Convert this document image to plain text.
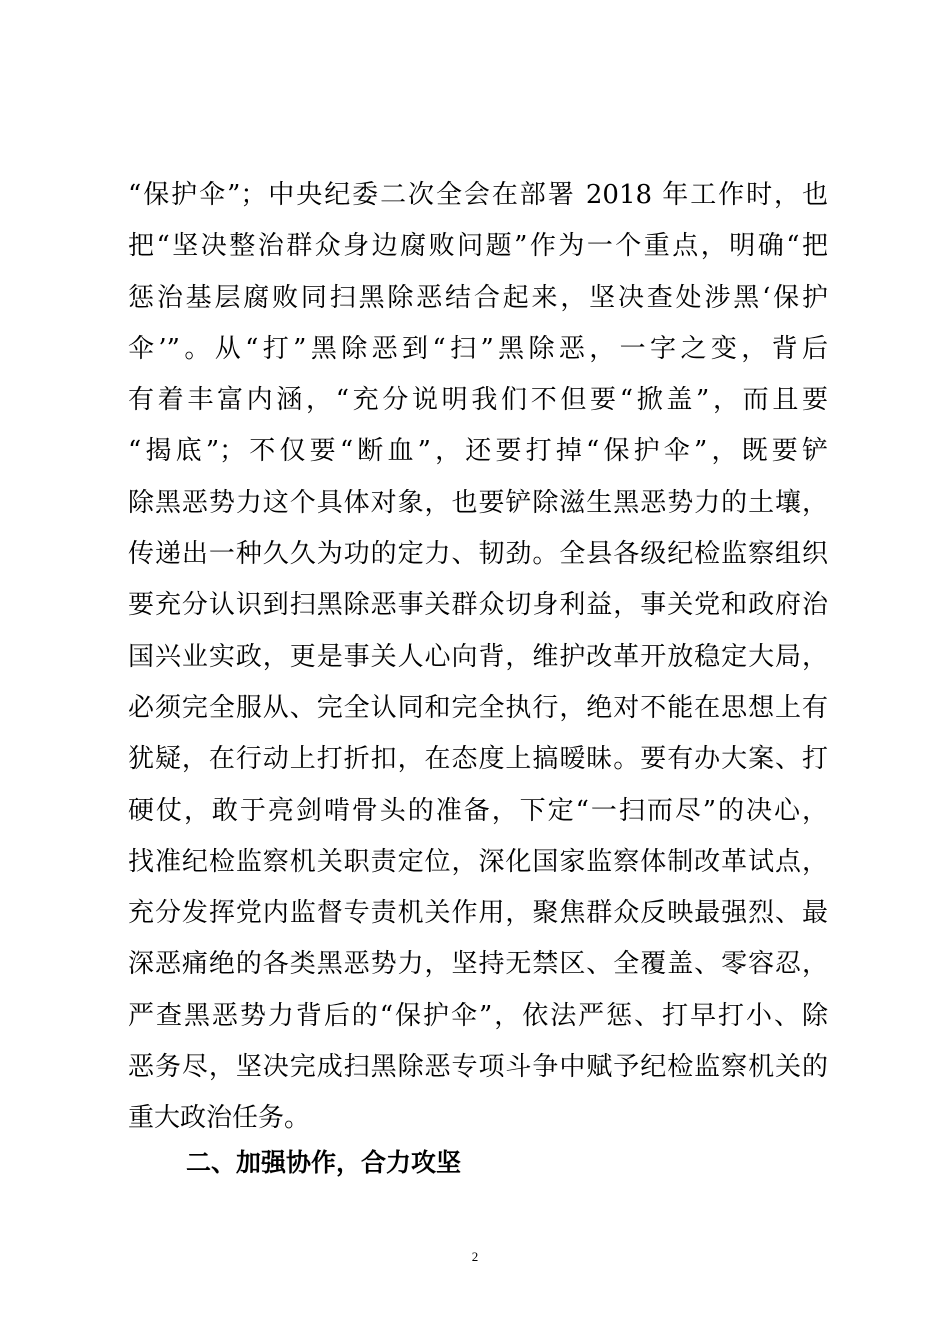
“保护伞”；中央纪委二次全会在部署 2018 年工作时，也
把“坚决整治群众身边腐败问题”作为一个重点，明确“把
惩治基层腐败同扫黑除恶结合起来，坚决查处涉黑‘保护
伞’”。从“打”黑除恶到“扫”黑除恶，一字之变，背后
有着丰富内涵，“充分说明我们不但要“掀盖”，而且要
“揭底”；不仅要“断血”，还要打掉“保护伞”，既要铲
除黑恶势力这个具体对象，也要铲除滋生黑恶势力的土壤，
传递出一种久久为功的定力、韧劲。全县各级纪检监察组织
要充分认识到扫黑除恶事关群众切身利益，事关党和政府治
国兴业实政，更是事关人心向背，维护改革开放稳定大局，
必须完全服从、完全认同和完全执行，绝对不能在思想上有
犹疑，在行动上打折扣，在态度上搞暧昧。要有办大案、打
硬仗，敢于亮剑啃骨头的准备，下定“一扫而尽”的决心，
找准纪检监察机关职责定位，深化国家监察体制改革试点，
充分发挥党内监督专责机关作用，聚焦群众反映最强烈、最
深恶痛绝的各类黑恶势力，坚持无禁区、全覆盖、零容忍，
严查黑恶势力背后的“保护伞”，依法严惩、打早打小、除
恶务尽，坚决完成扫黑除恶专项斗争中赋予纪检监察机关的
重大政治任务。
二、加强协作，合力攻坚
2
